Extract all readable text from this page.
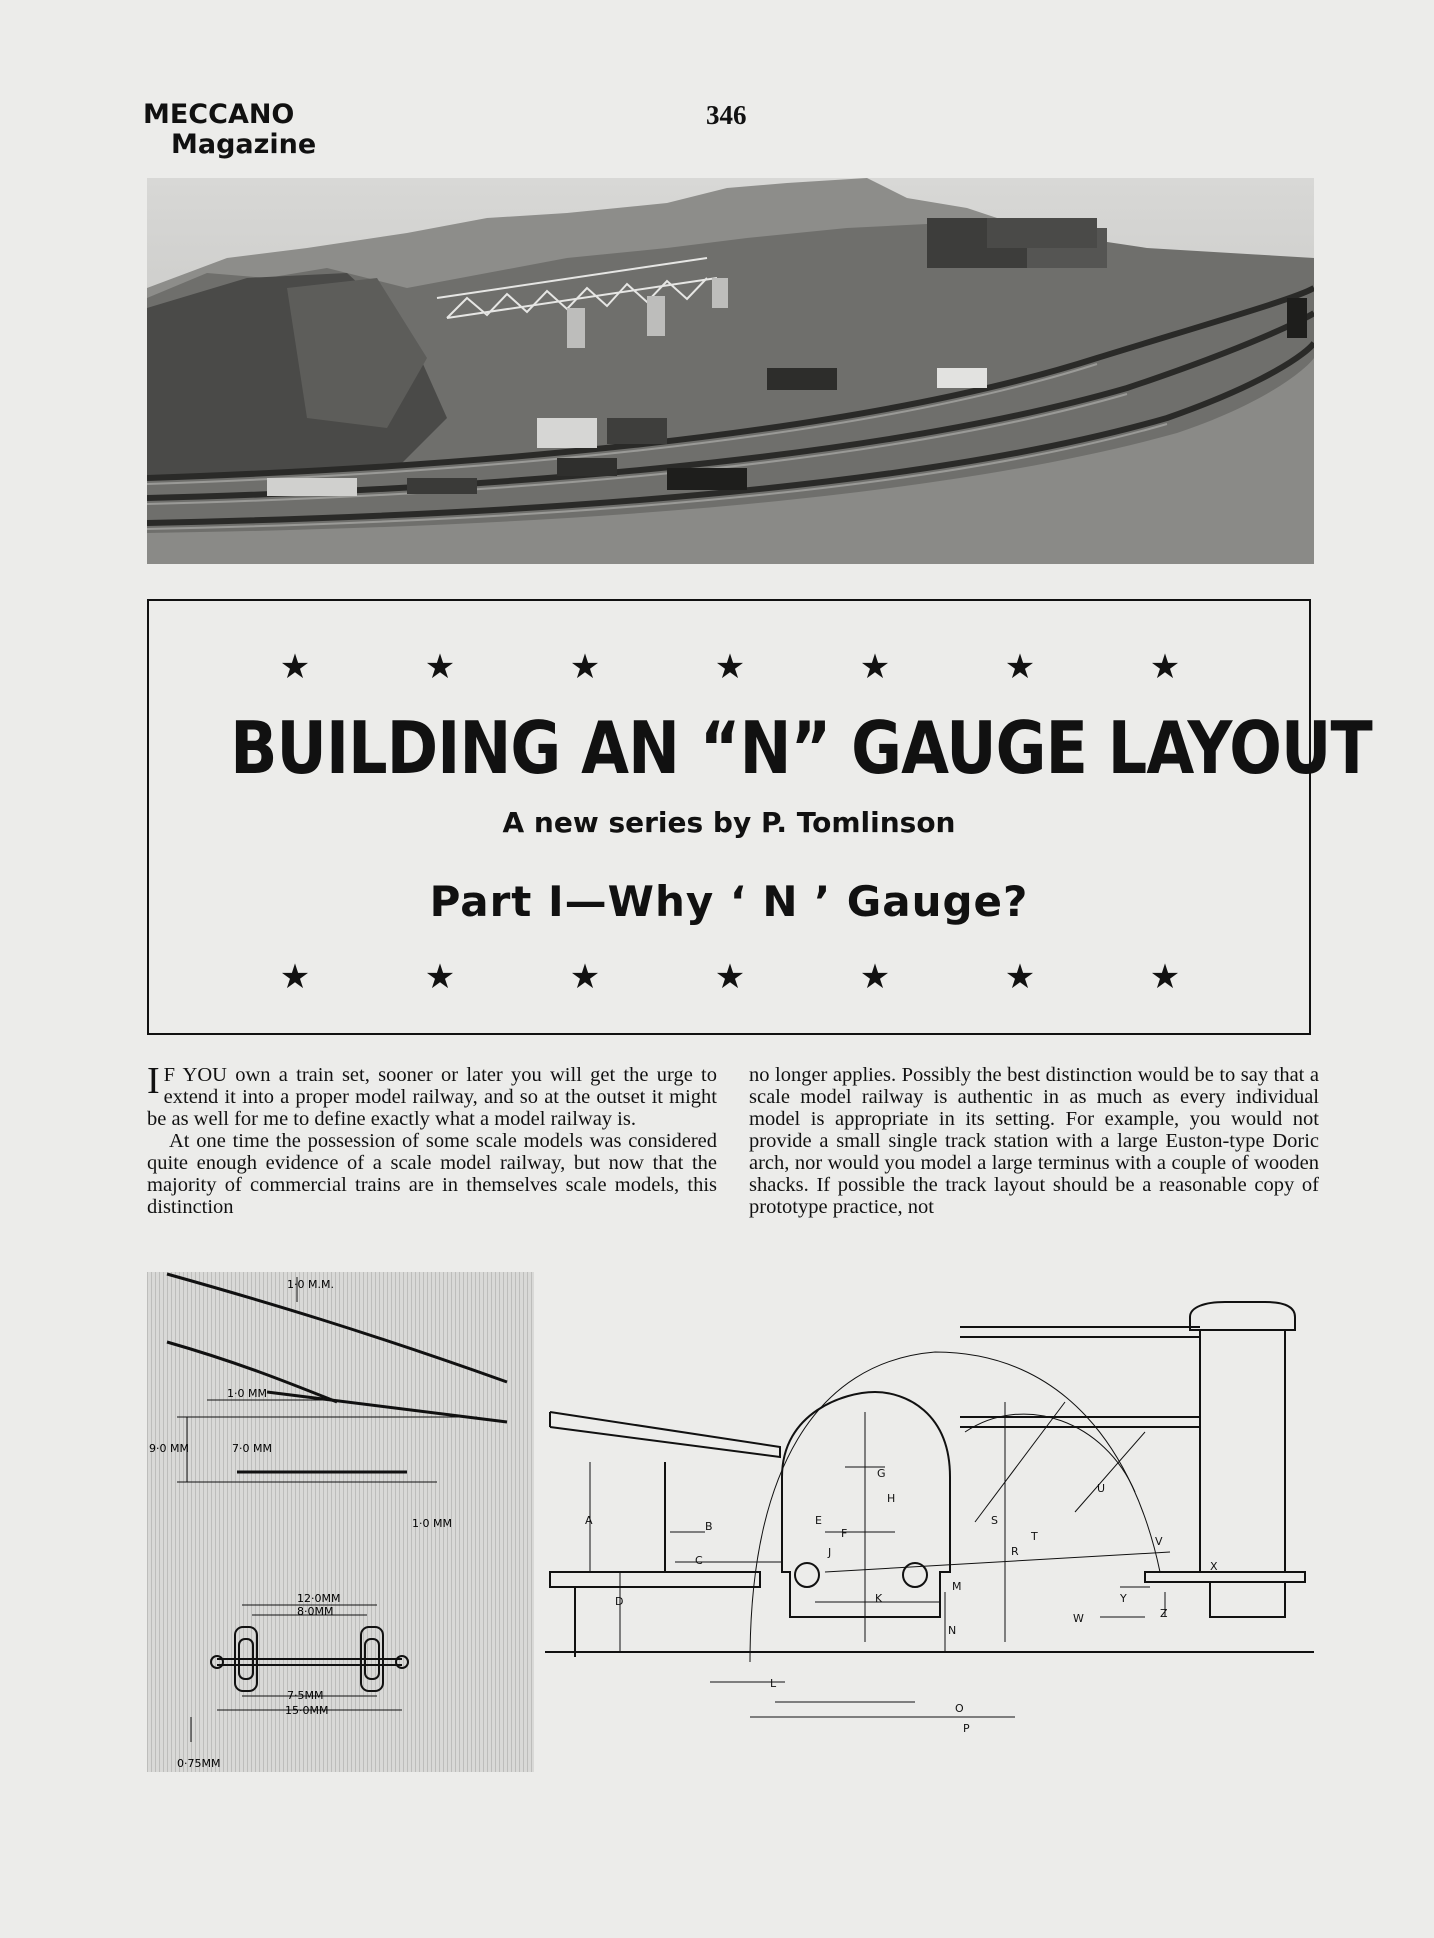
MECCANO
Magazine
346
★	★	★	★	★	★	★
BUILDING AN “N” GAUGE LAYOUT
A new series by P. Tomlinson
Part I—Why ‘ N ’ Gauge?
★	★	★	★	★	★	★

I F YOU own a train set, sooner or later you will get the urge to extend it into a proper model railway, and so at the outset it might be as well for me to define exactly what a model railway is.

At one time the possession of some scale models was considered quite enough evidence of a scale model railway, but now that the majority of commercial trains are in themselves scale models, this distinction

no longer applies. Possibly the best distinction would be to say that a scale model railway is authentic in as much as every individual model is appropriate in its setting. For example, you would not provide a small single track station with a large Euston-type Doric arch, nor would you model a large terminus with a couple of wooden shacks. If possible the track layout should be a reasonable copy of prototype practice, not

1·0 M.M.
1·0 MM
9·0 MM	7·0 MM
1·0 MM
12·0MM
8·0MM
7·5MM
15·0MM
0·75MM
A	B
C
D
E
F
G
H
J
K
L
M
N
O
P
R
S
T
U
V
W
X
Y
Z
